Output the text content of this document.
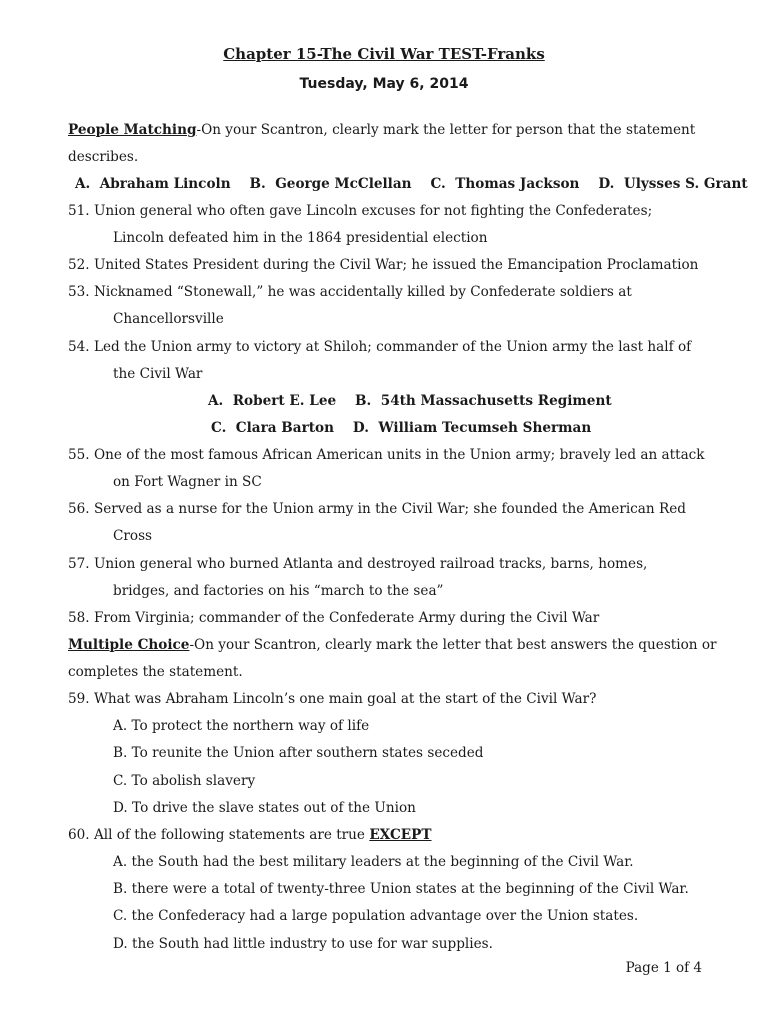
Chapter 15-The Civil War TEST-Franks
Tuesday, May 6, 2014
People Matching-On your Scantron, clearly mark the letter for person that the statement
describes.
A.  Abraham Lincoln    B.  George McClellan    C.  Thomas Jackson    D.  Ulysses S. Grant
51. Union general who often gave Lincoln excuses for not fighting the Confederates;
Lincoln defeated him in the 1864 presidential election
52. United States President during the Civil War; he issued the Emancipation Proclamation
53. Nicknamed “Stonewall,” he was accidentally killed by Confederate soldiers at
Chancellorsville
54. Led the Union army to victory at Shiloh; commander of the Union army the last half of
the Civil War
A.  Robert E. Lee    B.  54th Massachusetts Regiment
C.  Clara Barton    D.  William Tecumseh Sherman
55. One of the most famous African American units in the Union army; bravely led an attack
on Fort Wagner in SC
56. Served as a nurse for the Union army in the Civil War; she founded the American Red
Cross
57. Union general who burned Atlanta and destroyed railroad tracks, barns, homes,
bridges, and factories on his “march to the sea”
58. From Virginia; commander of the Confederate Army during the Civil War
Multiple Choice-On your Scantron, clearly mark the letter that best answers the question or
completes the statement.
59. What was Abraham Lincoln’s one main goal at the start of the Civil War?
A. To protect the northern way of life
B. To reunite the Union after southern states seceded
C. To abolish slavery
D. To drive the slave states out of the Union
60. All of the following statements are true EXCEPT
A. the South had the best military leaders at the beginning of the Civil War.
B. there were a total of twenty-three Union states at the beginning of the Civil War.
C. the Confederacy had a large population advantage over the Union states.
D. the South had little industry to use for war supplies.
Page 1 of 4
